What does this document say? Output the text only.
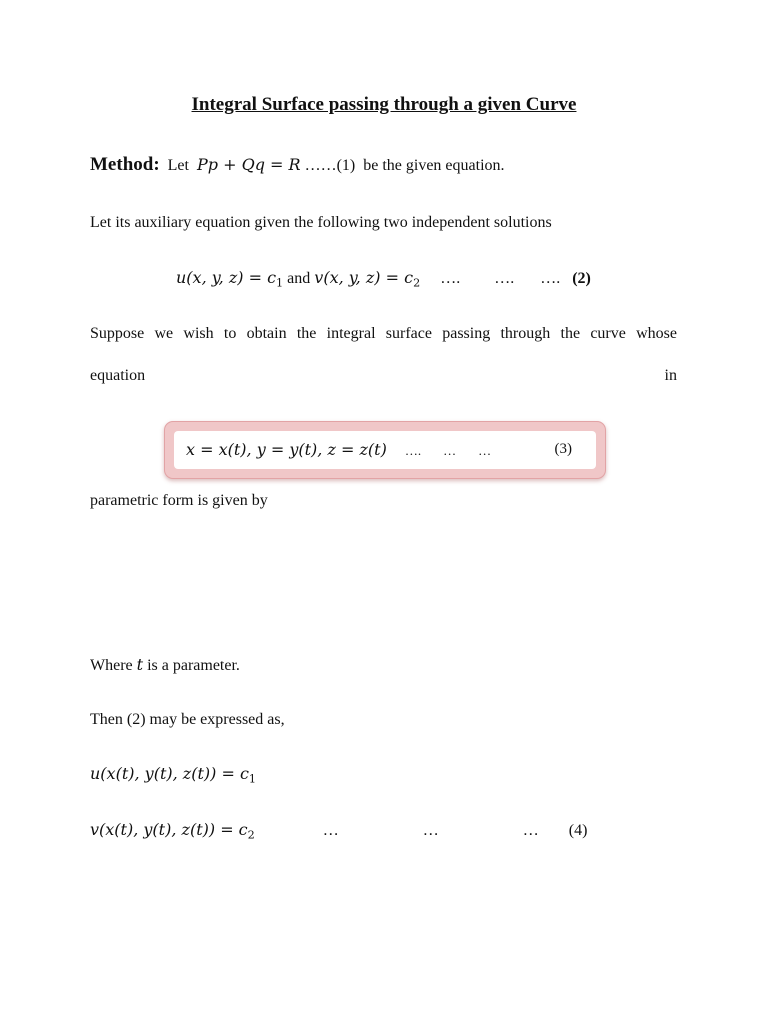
Integral Surface passing through a given Curve
Method: Let Pp + Qq = R ……(1) be the given equation.
Let its auxiliary equation given the following two independent solutions
u(x, y, $z) = c_1$ and v(x, y, $z) = c_2$ …. …. …. (2)
Suppose we wish to obtain the integral surface passing through the curve whose
equation	in
x = x(t), y = y(t), z = z(t) …. … …	(3)
parametric form is given by
Where t is a parameter.
Then (2) may be expressed as,
u(x(t), y(t), $z(t)) = c_1$
v(x(t), y(t), $z(t)) = c_2$	…	…	… (4)
